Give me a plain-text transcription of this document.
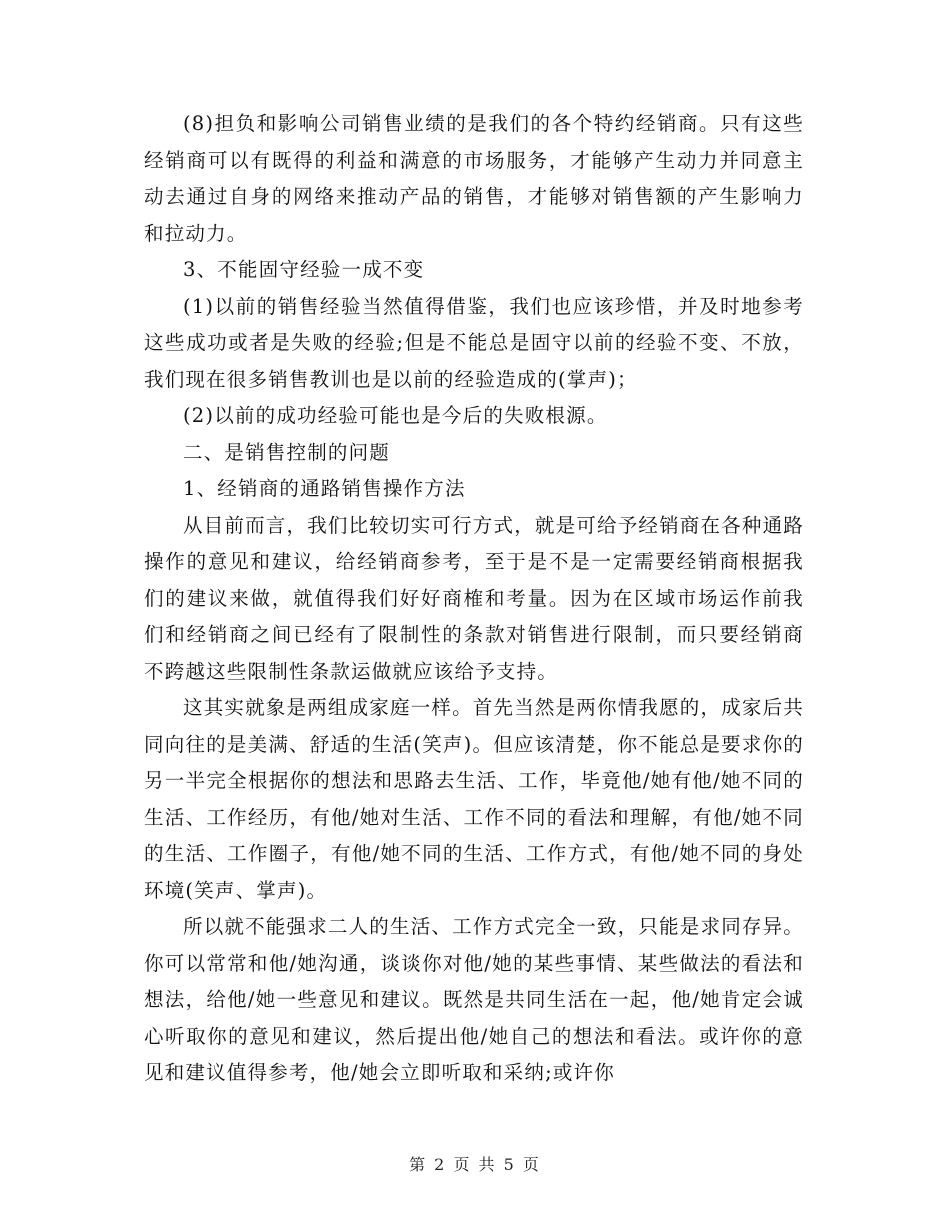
(8)担负和影响公司销售业绩的是我们的各个特约经销商。只有这些经销商可以有既得的利益和满意的市场服务，才能够产生动力并同意主动去通过自身的网络来推动产品的销售，才能够对销售额的产生影响力和拉动力。

3、不能固守经验一成不变

(1)以前的销售经验当然值得借鉴，我们也应该珍惜，并及时地参考这些成功或者是失败的经验;但是不能总是固守以前的经验不变、不放，我们现在很多销售教训也是以前的经验造成的(掌声)；

(2)以前的成功经验可能也是今后的失败根源。

二、是销售控制的问题

1、经销商的通路销售操作方法

从目前而言，我们比较切实可行方式，就是可给予经销商在各种通路操作的意见和建议，给经销商参考，至于是不是一定需要经销商根据我们的建议来做，就值得我们好好商榷和考量。因为在区域市场运作前我们和经销商之间已经有了限制性的条款对销售进行限制，而只要经销商不跨越这些限制性条款运做就应该给予支持。

这其实就象是两组成家庭一样。首先当然是两你情我愿的，成家后共同向往的是美满、舒适的生活(笑声)。但应该清楚，你不能总是要求你的另一半完全根据你的想法和思路去生活、工作，毕竟他/她有他/她不同的生活、工作经历，有他/她对生活、工作不同的看法和理解，有他/她不同的生活、工作圈子，有他/她不同的生活、工作方式，有他/她不同的身处环境(笑声、掌声)。

所以就不能强求二人的生活、工作方式完全一致，只能是求同存异。你可以常常和他/她沟通，谈谈你对他/她的某些事情、某些做法的看法和想法，给他/她一些意见和建议。既然是共同生活在一起，他/她肯定会诚心听取你的意见和建议，然后提出他/她自己的想法和看法。或许你的意见和建议值得参考，他/她会立即听取和采纳;或许你

第 2 页 共 5 页
